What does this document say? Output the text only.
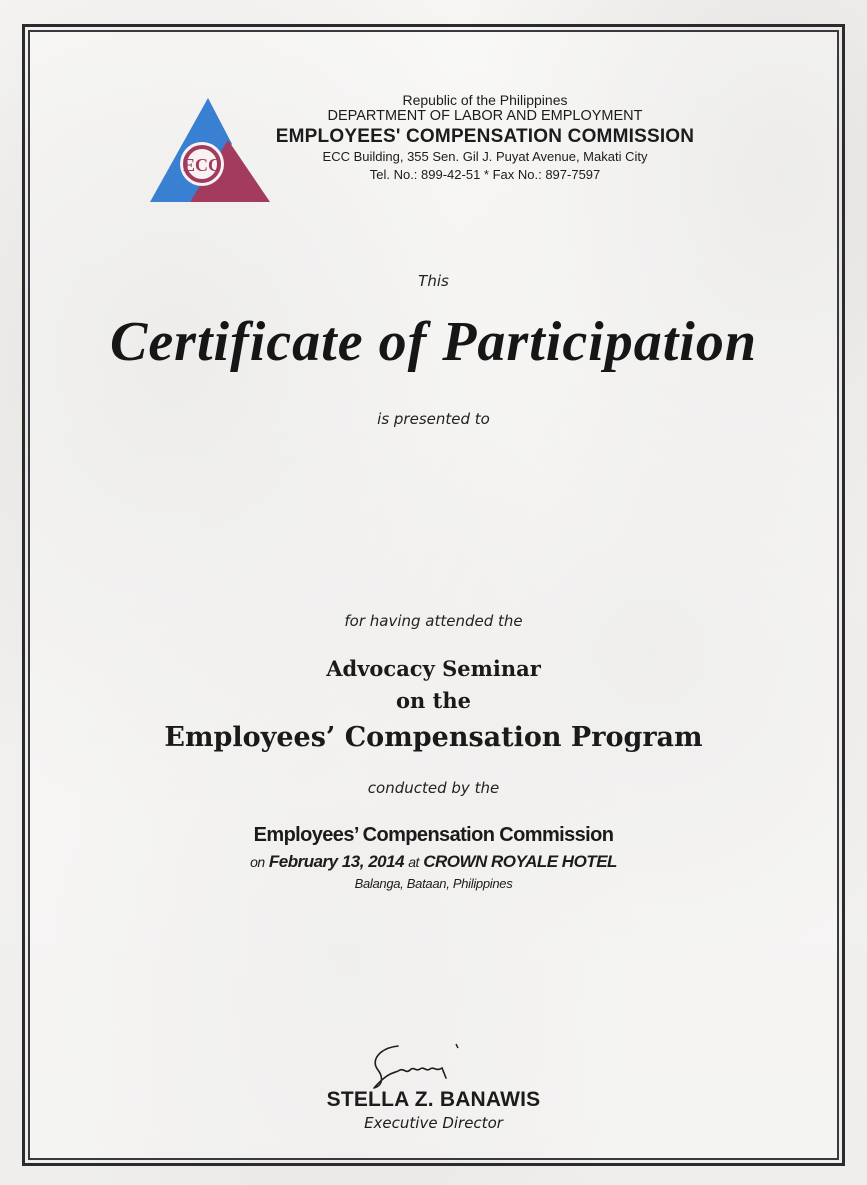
ECC
Republic of the Philippines
DEPARTMENT OF LABOR AND EMPLOYMENT
EMPLOYEES' COMPENSATION COMMISSION
ECC Building, 355 Sen. Gil J. Puyat Avenue, Makati City
Tel. No.: 899-42-51 * Fax No.: 897-7597
This
Certificate of Participation
is presented to
for having attended the
Advocacy Seminar
on the
Employees’ Compensation Program
conducted by the
Employees’ Compensation Commission
on February 13, 2014 at CROWN ROYALE HOTEL
Balanga, Bataan, Philippines
STELLA Z. BANAWIS
Executive Director
